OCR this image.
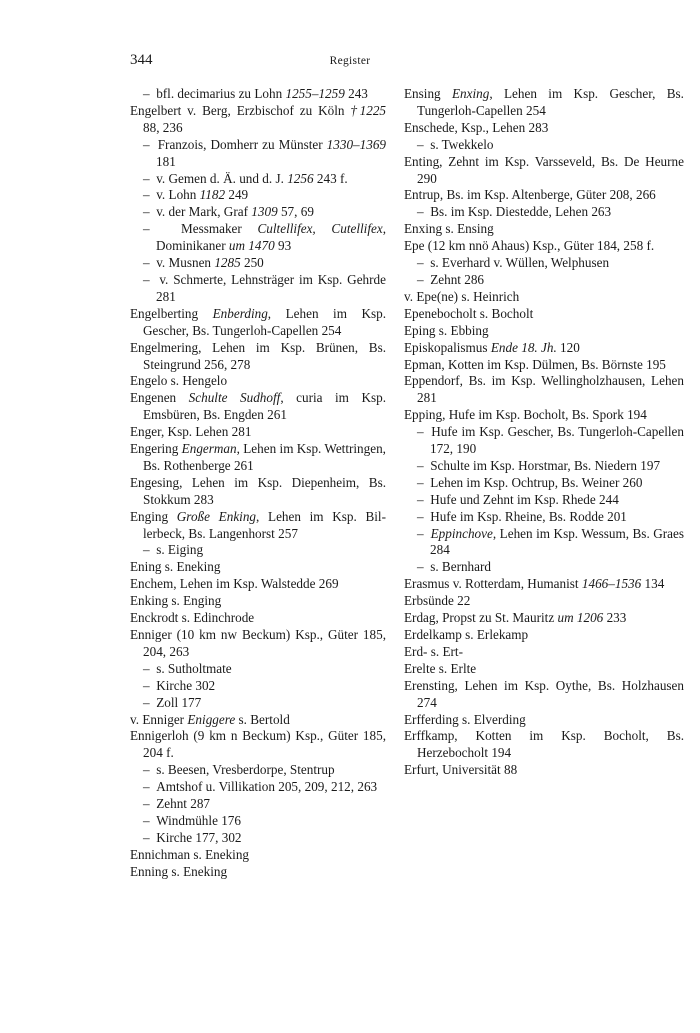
344	Register
–  bfl. decimarius zu Lohn 1255–1259 243
Engelbert v. Berg, Erzbischof zu Köln †1225 88, 236
–  Franzois, Domherr zu Münster 1330–1369 181
–  v. Gemen d. Ä. und d. J. 1256 243 f.
–  v. Lohn 1182 249
–  v. der Mark, Graf 1309 57, 69
–  Messmaker Cultellifex, Cutellifex, Dominikaner um 1470 93
–  v. Musnen 1285 250
–  v. Schmerte, Lehnsträger im Ksp. Gehrde 281
Engelberting Enberding, Lehen im Ksp. Gescher, Bs. Tungerloh-Capellen 254
Engelmering, Lehen im Ksp. Brünen, Bs. Steingrund 256, 278
Engelo s. Hengelo
Engenen Schulte Sudhoff, curia im Ksp. Emsbüren, Bs. Engden 261
Enger, Ksp. Lehen 281
Engering Engerman, Lehen im Ksp. Wettringen, Bs. Rothenberge 261
Engesing, Lehen im Ksp. Diepenheim, Bs. Stokkum 283
Enging Große Enking, Lehen im Ksp. Billerbeck, Bs. Langenhorst 257
–  s. Eiging
Ening s. Eneking
Enchem, Lehen im Ksp. Walstedde 269
Enking s. Enging
Enckrodt s. Edinchrode
Enniger (10 km nw Beckum) Ksp., Güter 185, 204, 263
–  s. Sutholtmate
–  Kirche 302
–  Zoll 177
v. Enniger Eniggere s. Bertold
Ennigerloh (9 km n Beckum) Ksp., Güter 185, 204 f.
–  s. Beesen, Vresberdorpe, Stentrup
–  Amtshof u. Villikation 205, 209, 212, 263
–  Zehnt 287
–  Windmühle 176
–  Kirche 177, 302
Ennichman s. Eneking
Enning s. Eneking
Ensing Enxing, Lehen im Ksp. Gescher, Bs. Tungerloh-Capellen 254
Enschede, Ksp., Lehen 283
–  s. Twekkelo
Enting, Zehnt im Ksp. Varsseveld, Bs. De Heurne 290
Entrup, Bs. im Ksp. Altenberge, Güter 208, 266
–  Bs. im Ksp. Diestedde, Lehen 263
Enxing s. Ensing
Epe (12 km nnö Ahaus) Ksp., Güter 184, 258 f.
–  s. Everhard v. Wüllen, Welphusen
–  Zehnt 286
v. Epe(ne) s. Heinrich
Epenebocholt s. Bocholt
Eping s. Ebbing
Episkopalismus Ende 18. Jh. 120
Epman, Kotten im Ksp. Dülmen, Bs. Börnste 195
Eppendorf, Bs. im Ksp. Wellingholzhausen, Lehen 281
Epping, Hufe im Ksp. Bocholt, Bs. Spork 194
–  Hufe im Ksp. Gescher, Bs. Tungerloh-Capellen 172, 190
–  Schulte im Ksp. Horstmar, Bs. Niedern 197
–  Lehen im Ksp. Ochtrup, Bs. Weiner 260
–  Hufe und Zehnt im Ksp. Rhede 244
–  Hufe im Ksp. Rheine, Bs. Rodde 201
–  Eppinchove, Lehen im Ksp. Wessum, Bs. Graes 284
–  s. Bernhard
Erasmus v. Rotterdam, Humanist 1466–1536 134
Erbsünde 22
Erdag, Propst zu St. Mauritz um 1206 233
Erdelkamp s. Erlekamp
Erd- s. Ert-
Erelte s. Erlte
Erensting, Lehen im Ksp. Oythe, Bs. Holzhausen 274
Erfferding s. Elverding
Erffkamp, Kotten im Ksp. Bocholt, Bs. Herzebocholt 194
Erfurt, Universität 88
